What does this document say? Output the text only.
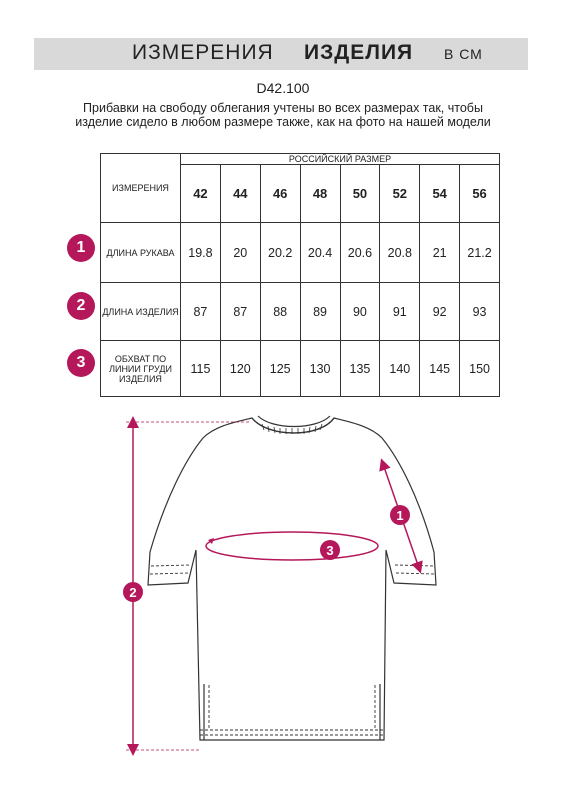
ИЗМЕРЕНИЯ ИЗДЕЛИЯ В СМ
D42.100
Прибавки на свободу облегания учтены во всех размерах так, чтобы изделие сидело в любом размере также, как на фото на нашей модели
ИЗМЕРЕНИЯ	РОССИЙСКИЙ РАЗМЕР							
	42	44	46	48	50	52	54	56
ДЛИНА РУКАВА	19.8	20	20.2	20.4	20.6	20.8	21	21.2
ДЛИНА ИЗДЕЛИЯ	87	87	88	89	90	91	92	93
ОБХВАТ ПО ЛИНИИ ГРУДИ ИЗДЕЛИЯ	115	120	125	130	135	140	145	150
1
2
3
1
2
3
